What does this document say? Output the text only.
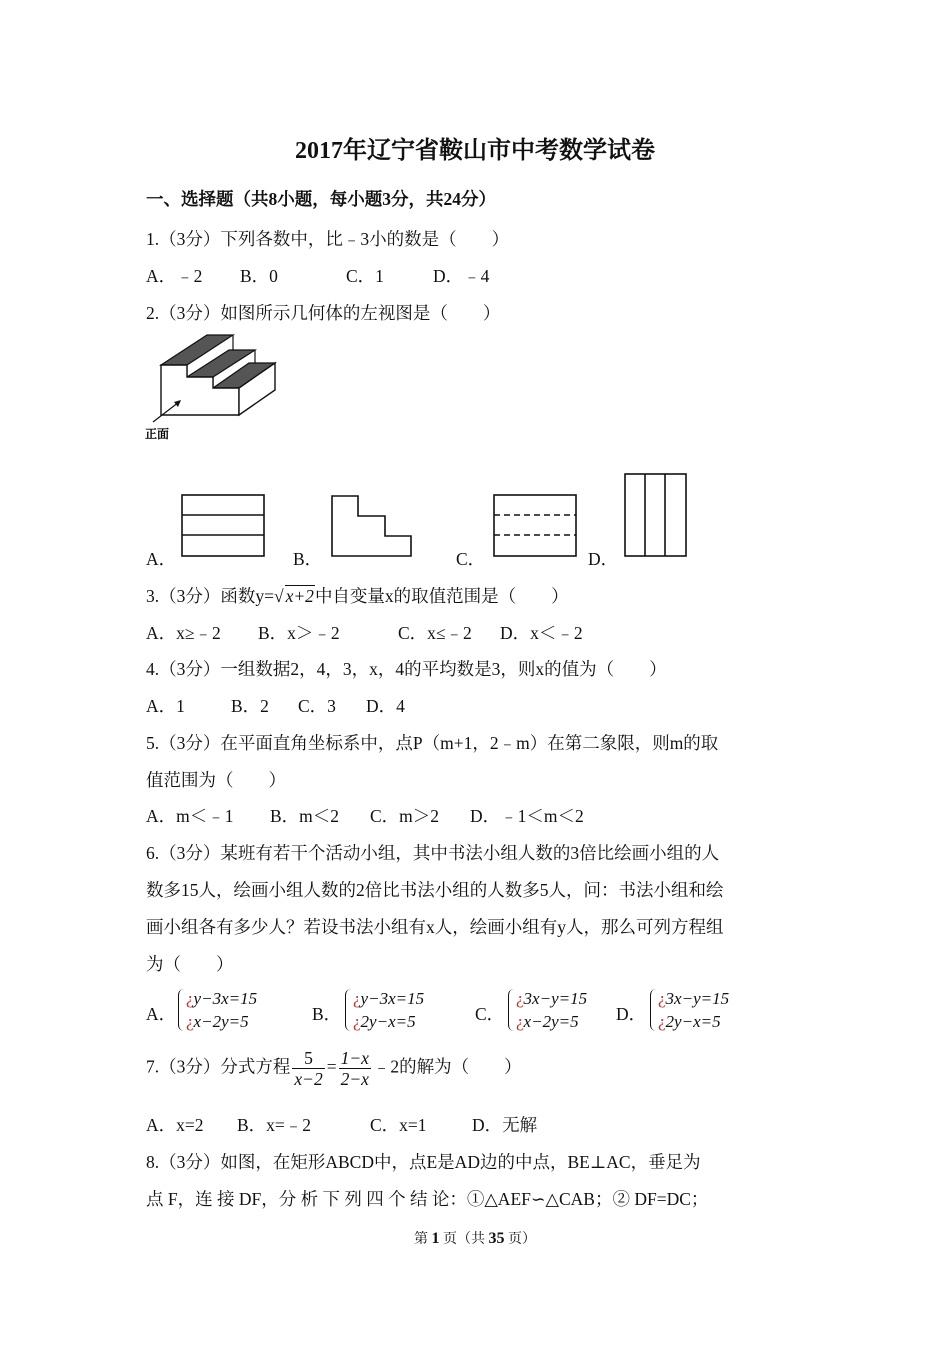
2017年辽宁省鞍山市中考数学试卷
一、选择题（共8小题，每小题3分，共24分）
1.（3分）下列各数中，比﹣3小的数是（　　）
A．﹣2 B．0	C．1	D．﹣4
2.（3分）如图所示几何体的左视图是（　　）
正面
A．	B．	C．	D．
3.（3分）函数y=√ x+2中自变量x的取值范围是（　　）
A．x≥﹣2 B．x＞﹣2	C．x≤﹣2 D．x＜﹣2
4.（3分）一组数据2，4，3，x，4的平均数是3，则x的值为（　　）
A．1	B．2 C．3 D．4
5.（3分）在平面直角坐标系中，点P（m+1，2﹣m）在第二象限，则m的取
值范围为（　　）
A．m＜﹣1 B．m＜2 C．m＞2 D．﹣1＜m＜2
6.（3分）某班有若干个活动小组，其中书法小组人数的3倍比绘画小组的人
数多15人，绘画小组人数的2倍比书法小组的人数多5人，问：书法小组和绘
画小组各有多少人？若设书法小组有x人，绘画小组有y人，那么可列方程组
为（　　）
A．
¿y−3x=15
¿x−2y=5	B．
¿y−3x=15
¿2y−x=5	C．
¿3x−y=15
¿x−2y=5	D．
¿3x−y=15
¿2y−x=5
7.（3分）分式方程 $\frac{5}{x-2} = \frac{1-x}{2-x}$ ﹣2的解为（　　）
A．x=2 B．x=﹣2	C．x=1	D．无解
8.（3分）如图，在矩形ABCD中，点E是AD边的中点，BE⊥AC，垂足为
点 F，连 接 DF，分 析 下 列 四 个 结 论：①△AEF∽△CAB；② DF=DC；
第 1 页（共 35 页）
